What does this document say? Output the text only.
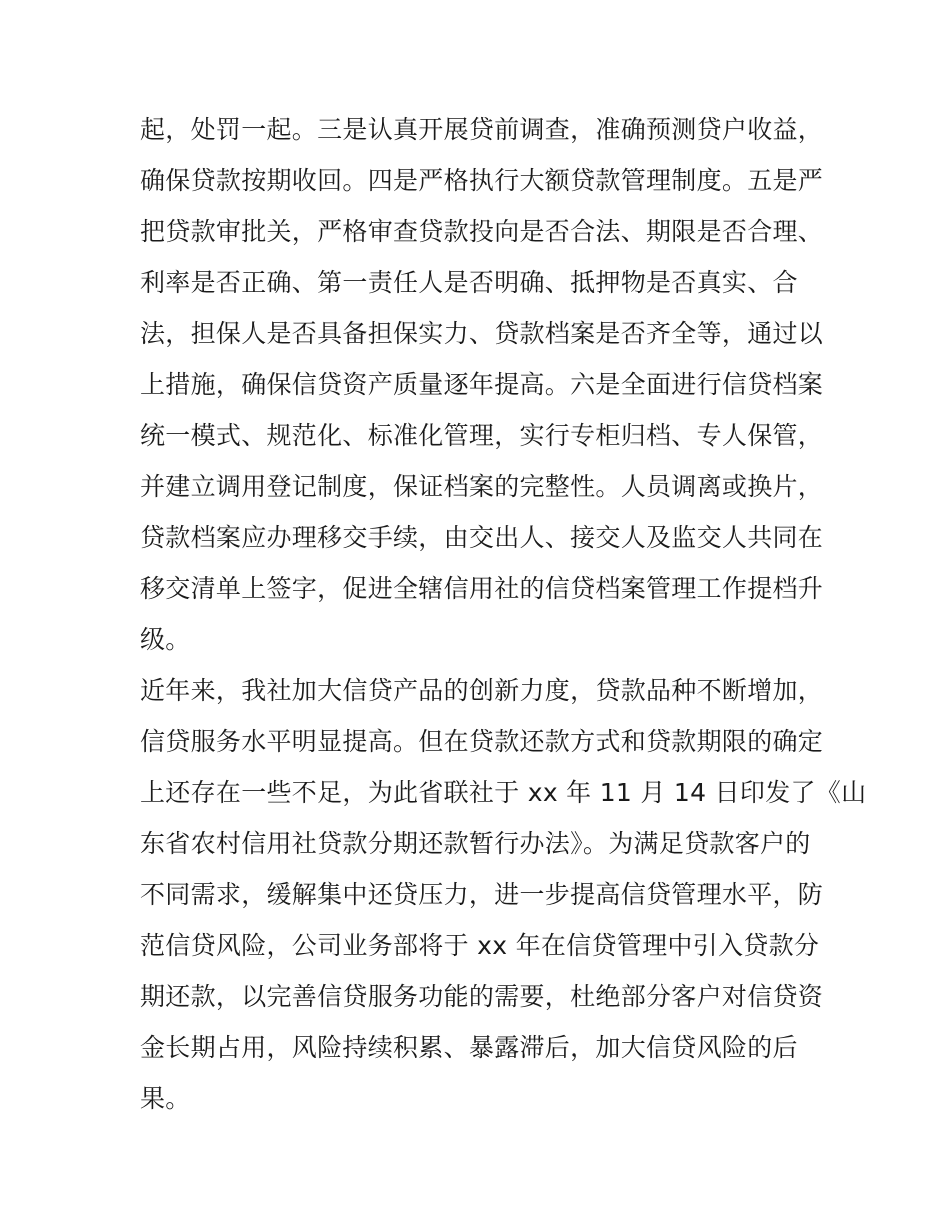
起，处罚一起。三是认真开展贷前调查，准确预测贷户收益，
确保贷款按期收回。四是严格执行大额贷款管理制度。五是严
把贷款审批关，严格审查贷款投向是否合法、期限是否合理、
利率是否正确、第一责任人是否明确、抵押物是否真实、合
法，担保人是否具备担保实力、贷款档案是否齐全等，通过以
上措施，确保信贷资产质量逐年提高。六是全面进行信贷档案
统一模式、规范化、标准化管理，实行专柜归档、专人保管，
并建立调用登记制度，保证档案的完整性。人员调离或换片，
贷款档案应办理移交手续，由交出人、接交人及监交人共同在
移交清单上签字，促进全辖信用社的信贷档案管理工作提档升
级。
近年来，我社加大信贷产品的创新力度，贷款品种不断增加，
信贷服务水平明显提高。但在贷款还款方式和贷款期限的确定
上还存在一些不足，为此省联社于 xx 年 11 月 14 日印发了《山
东省农村信用社贷款分期还款暂行办法》。为满足贷款客户的
不同需求，缓解集中还贷压力，进一步提高信贷管理水平，防
范信贷风险，公司业务部将于 xx 年在信贷管理中引入贷款分
期还款，以完善信贷服务功能的需要，杜绝部分客户对信贷资
金长期占用，风险持续积累、暴露滞后，加大信贷风险的后
果。
